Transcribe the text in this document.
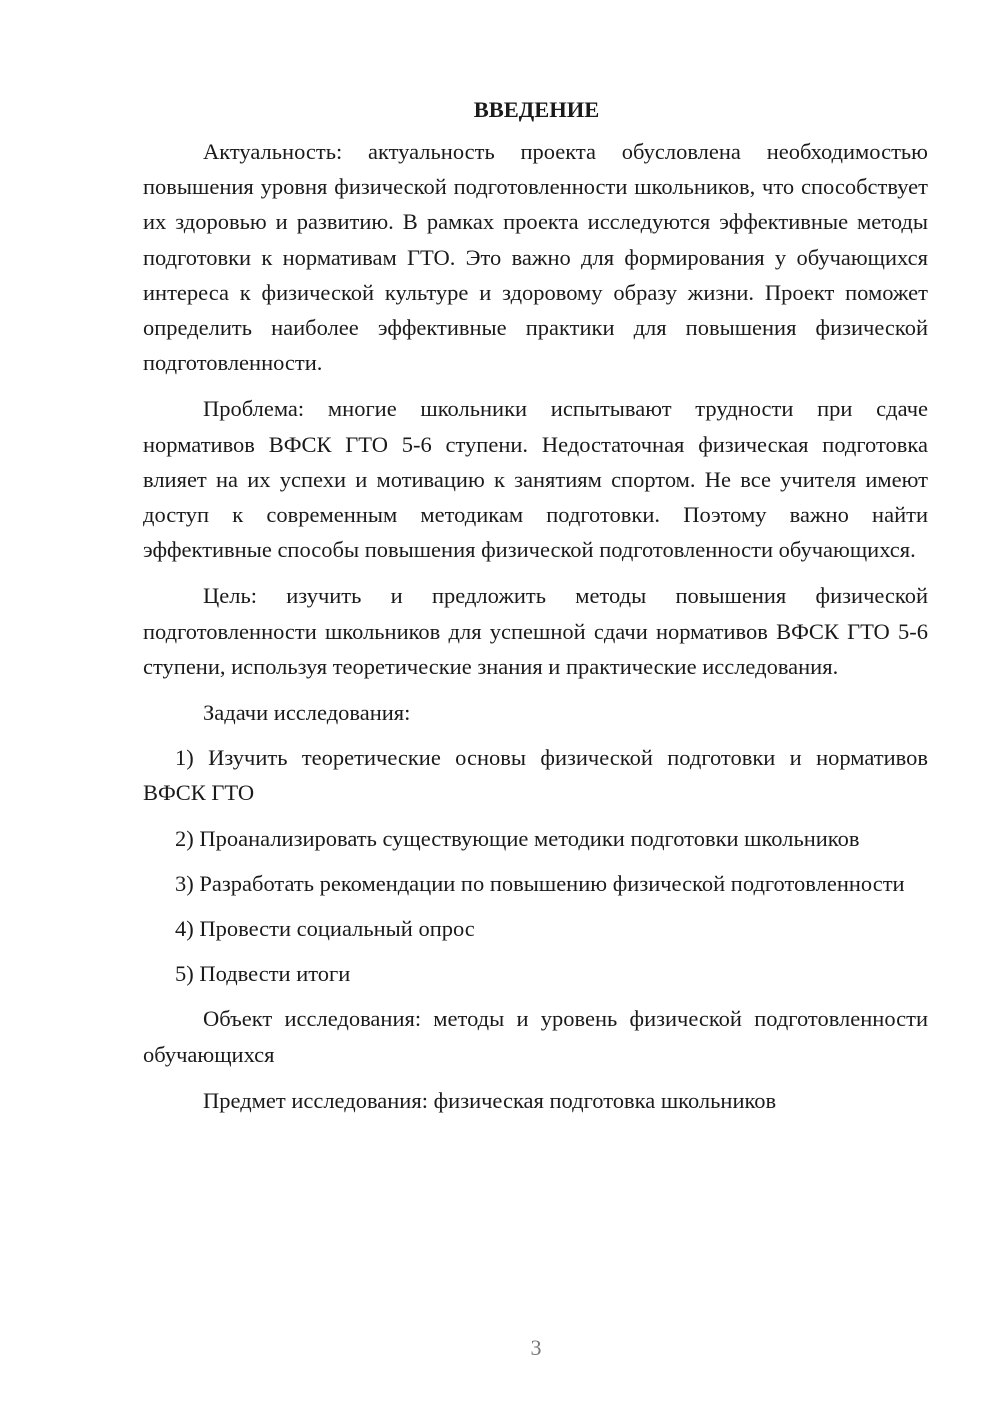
ВВЕДЕНИЕ

Актуальность: актуальность проекта обусловлена необходимостью повышения уровня физической подготовленности школьников, что способствует их здоровью и развитию. В рамках проекта исследуются эффективные методы подготовки к нормативам ГТО. Это важно для формирования у обучающихся интереса к физической культуре и здоровому образу жизни. Проект поможет определить наиболее эффективные практики для повышения физической подготовленности.

Проблема: многие школьники испытывают трудности при сдаче нормативов ВФСК ГТО 5-6 ступени. Недостаточная физическая подготовка влияет на их успехи и мотивацию к занятиям спортом. Не все учителя имеют доступ к современным методикам подготовки. Поэтому важно найти эффективные способы повышения физической подготовленности обучающихся.

Цель: изучить и предложить методы повышения физической подготовленности школьников для успешной сдачи нормативов ВФСК ГТО 5-6 ступени, используя теоретические знания и практические исследования.

Задачи исследования:

1) Изучить теоретические основы физической подготовки и нормативов ВФСК ГТО

2) Проанализировать существующие методики подготовки школьников

3) Разработать рекомендации по повышению физической подготовленности

4) Провести социальный опрос

5) Подвести итоги

Объект исследования: методы и уровень физической подготовленности обучающихся

Предмет исследования: физическая подготовка школьников

3
